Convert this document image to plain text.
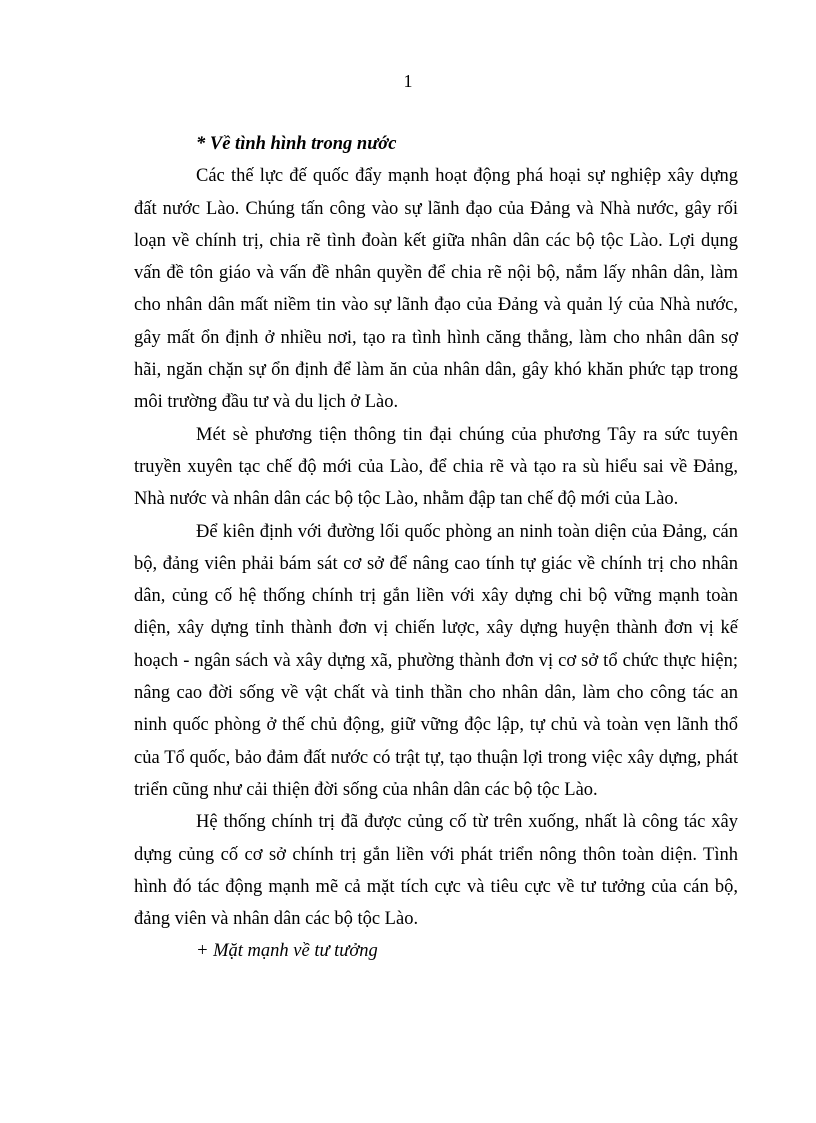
1
* Về tình hình trong nước

Các thế lực đế quốc đẩy mạnh hoạt động phá hoại sự nghiệp xây dựng đất nước Lào. Chúng tấn công vào sự lãnh đạo của Đảng và Nhà nước, gây rối loạn về chính trị, chia rẽ tình đoàn kết giữa nhân dân các bộ tộc Lào. Lợi dụng vấn đề tôn giáo và vấn đề nhân quyền để chia rẽ nội bộ, nắm lấy nhân dân, làm cho nhân dân mất niềm tin vào sự lãnh đạo của Đảng và quản lý của Nhà nước, gây mất ổn định ở nhiều nơi, tạo ra tình hình căng thẳng, làm cho nhân dân sợ hãi, ngăn chặn sự ổn định để làm ăn của nhân dân, gây khó khăn phức tạp trong môi trường đầu tư và du lịch ở Lào.

Mét sè phương tiện thông tin đại chúng của phương Tây ra sức tuyên truyền xuyên tạc chế độ mới của Lào, để chia rẽ và tạo ra sù hiểu sai về Đảng, Nhà nước và nhân dân các bộ tộc Lào, nhằm đập tan chế độ mới của Lào.

Để kiên định với đường lối quốc phòng an ninh toàn diện của Đảng, cán bộ, đảng viên phải bám sát cơ sở để nâng cao tính tự giác về chính trị cho nhân dân, củng cố hệ thống chính trị gắn liền với xây dựng chi bộ vững mạnh toàn diện, xây dựng tỉnh thành đơn vị chiến lược, xây dựng huyện thành đơn vị kế hoạch - ngân sách và xây dựng xã, phường thành đơn vị cơ sở tổ chức thực hiện; nâng cao đời sống về vật chất và tinh thần cho nhân dân, làm cho công tác an ninh quốc phòng ở thế chủ động, giữ vững độc lập, tự chủ và toàn vẹn lãnh thổ của Tổ quốc, bảo đảm đất nước có trật tự, tạo thuận lợi trong việc xây dựng, phát triển cũng như cải thiện đời sống của nhân dân các bộ tộc Lào.

Hệ thống chính trị đã được củng cố từ trên xuống, nhất là công tác xây dựng củng cố cơ sở chính trị gắn liền với phát triển nông thôn toàn diện. Tình hình đó tác động mạnh mẽ cả mặt tích cực và tiêu cực về tư tưởng của cán bộ, đảng viên và nhân dân các bộ tộc Lào.

+ Mặt mạnh về tư tưởng
